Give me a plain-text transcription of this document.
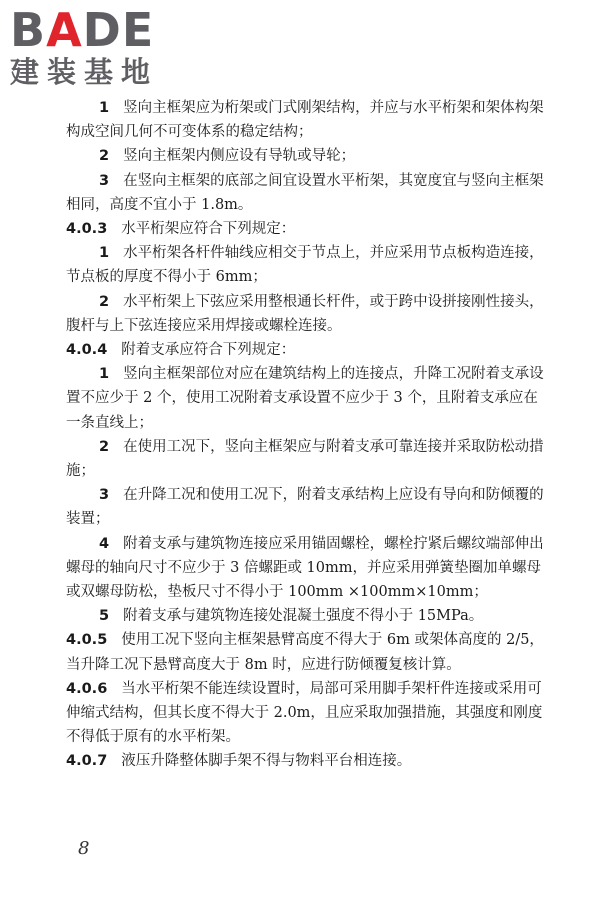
B A DE
建装基地

1 竖向主框架应为桁架或门式刚架结构，并应与水平桁架和架体构架构成空间几何不可变体系的稳定结构；

2 竖向主框架内侧应设有导轨或导轮；

3 在竖向主框架的底部之间宜设置水平桁架，其宽度宜与竖向主框架相同，高度不宜小于 1.8m。

4.0.3 水平桁架应符合下列规定：

1 水平桁架各杆件轴线应相交于节点上，并应采用节点板构造连接，节点板的厚度不得小于 6mm；

2 水平桁架上下弦应采用整根通长杆件，或于跨中设拼接刚性接头，腹杆与上下弦连接应采用焊接或螺栓连接。

4.0.4 附着支承应符合下列规定：

1 竖向主框架部位对应在建筑结构上的连接点，升降工况附着支承设置不应少于 2 个，使用工况附着支承设置不应少于 3 个，且附着支承应在一条直线上；

2 在使用工况下，竖向主框架应与附着支承可靠连接并采取防松动措施；

3 在升降工况和使用工况下，附着支承结构上应设有导向和防倾覆的装置；

4 附着支承与建筑物连接应采用锚固螺栓，螺栓拧紧后螺纹端部伸出螺母的轴向尺寸不应少于 3 倍螺距或 10mm，并应采用弹簧垫圈加单螺母或双螺母防松，垫板尺寸不得小于 100mm ×100mm×10mm；

5 附着支承与建筑物连接处混凝土强度不得小于 15MPa。

4.0.5 使用工况下竖向主框架悬臂高度不得大于 6m 或架体高度的 2/5，当升降工况下悬臂高度大于 8m 时，应进行防倾覆复核计算。

4.0.6 当水平桁架不能连续设置时，局部可采用脚手架杆件连接或采用可伸缩式结构，但其长度不得大于 2.0m，且应采取加强措施，其强度和刚度不得低于原有的水平桁架。

4.0.7 液压升降整体脚手架不得与物料平台相连接。

8
